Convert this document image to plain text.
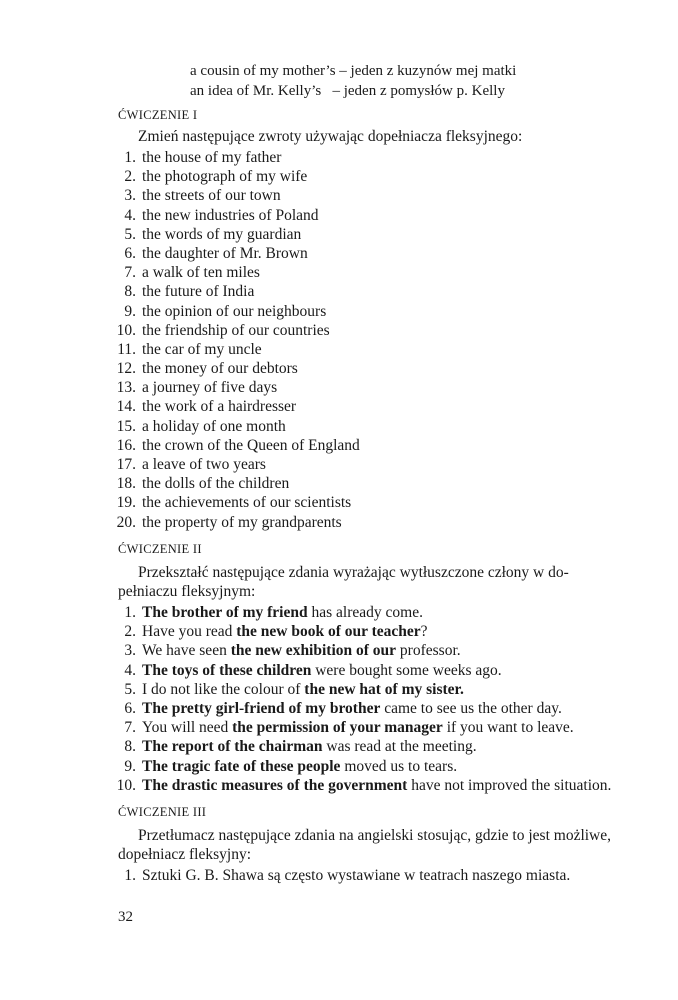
a cousin of my mother’s – jeden z kuzynów mej matki
an idea of Mr. Kelly’s   – jeden z pomysłów p. Kelly
ĆWICZENIE I
Zmień następujące zwroty używając dopełniacza fleksyjnego:
1. the house of my father
2. the photograph of my wife
3. the streets of our town
4. the new industries of Poland
5. the words of my guardian
6. the daughter of Mr. Brown
7. a walk of ten miles
8. the future of India
9. the opinion of our neighbours
10. the friendship of our countries
11. the car of my uncle
12. the money of our debtors
13. a journey of five days
14. the work of a hairdresser
15. a holiday of one month
16. the crown of the Queen of England
17. a leave of two years
18. the dolls of the children
19. the achievements of our scientists
20. the property of my grandparents
ĆWICZENIE II
Przekształć następujące zdania wyrażając wytłuszczone człony w do-
pełniaczu fleksyjnym:
1. The brother of my friend has already come.
2. Have you read the new book of our teacher?
3. We have seen the new exhibition of our professor.
4. The toys of these children were bought some weeks ago.
5. I do not like the colour of the new hat of my sister.
6. The pretty girl-friend of my brother came to see us the other day.
7. You will need the permission of your manager if you want to leave.
8. The report of the chairman was read at the meeting.
9. The tragic fate of these people moved us to tears.
10. The drastic measures of the government have not improved the situation.
ĆWICZENIE III
Przetłumacz następujące zdania na angielski stosując, gdzie to jest możliwe,
dopełniacz fleksyjny:
1. Sztuki G. B. Shawa są często wystawiane w teatrach naszego miasta.
32
